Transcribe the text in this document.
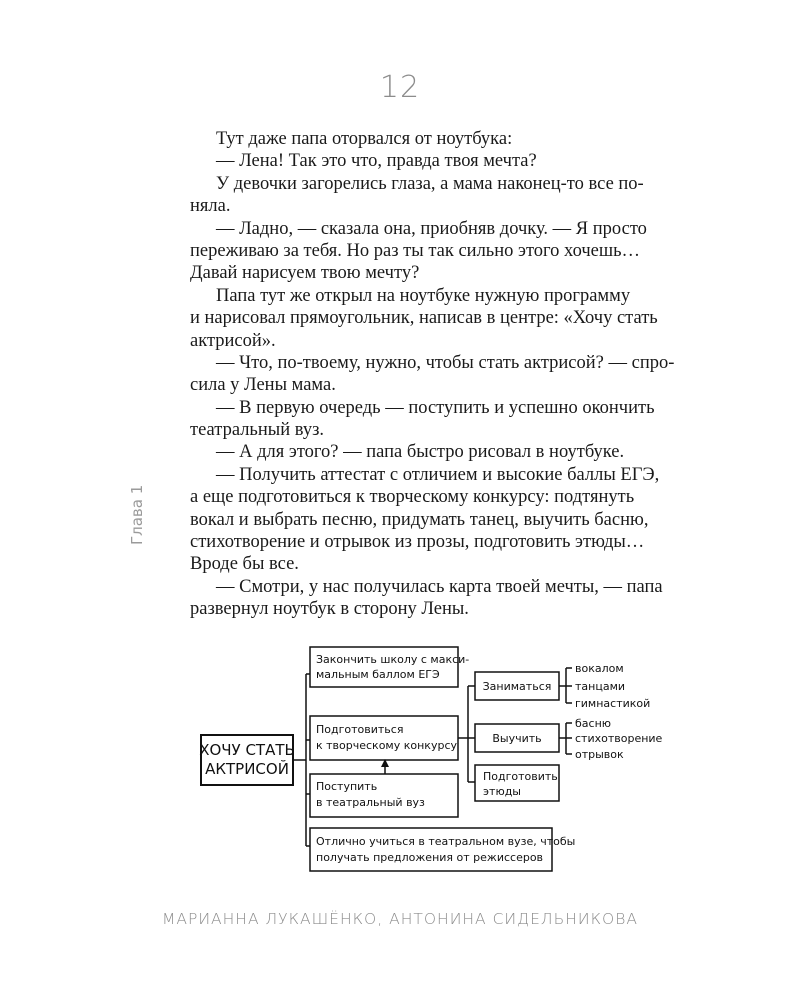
12
Глава 1
Тут даже папа оторвался от ноутбука:
— Лена! Так это что, правда твоя мечта?
У девочки загорелись глаза, а мама наконец-то все по-
няла.
— Ладно, — сказала она, приобняв дочку. — Я просто
переживаю за тебя. Но раз ты так сильно этого хочешь…
Давай нарисуем твою мечту?
Папа тут же открыл на ноутбуке нужную программу
и нарисовал прямоугольник, написав в центре: «Хочу стать
актрисой».
— Что, по-твоему, нужно, чтобы стать актрисой? — спро-
сила у Лены мама.
— В первую очередь — поступить и успешно окончить
театральный вуз.
— А для этого? — папа быстро рисовал в ноутбуке.
— Получить аттестат с отличием и высокие баллы ЕГЭ,
а еще подготовиться к творческому конкурсу: подтянуть
вокал и выбрать песню, придумать танец, выучить басню,
стихотворение и отрывок из прозы, подготовить этюды…
Вроде бы все.
— Смотри, у нас получилась карта твоей мечты, — папа
развернул ноутбук в сторону Лены.
ХОЧУ СТАТЬ
АКТРИСОЙ
Закончить школу с макси-
мальным баллом ЕГЭ
Подготовиться
к творческому конкурсу
Поступить
в театральный вуз
Отлично учиться в театральном вузе, чтобы
получать предложения от режиссеров
Заниматься
Выучить
Подготовить
этюды
вокалом
танцами
гимнастикой
басню
стихотворение
отрывок
МАРИАННА ЛУКАШЁНКО, АНТОНИНА СИДЕЛЬНИКОВА
